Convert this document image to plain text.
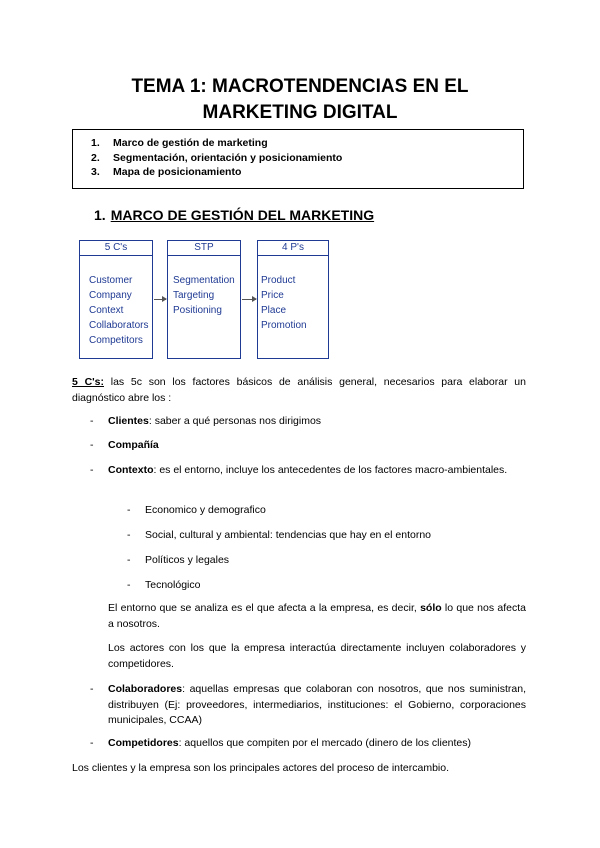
TEMA 1: MACROTENDENCIAS EN EL
MARKETING DIGITAL
1. Marco de gestión de marketing
2. Segmentación, orientación y posicionamiento
3. Mapa de posicionamiento
1. MARCO DE GESTIÓN DEL MARKETING
5 C's
Customer
Company
Context
Collaborators
Competitors
STP
Segmentation
Targeting
Positioning
4 P's
Product
Price
Place
Promotion
5 C's: las 5c son los factores básicos de análisis general, necesarios para elaborar un diagnóstico abre los :
- Clientes: saber a qué personas nos dirigimos
- Compañía
- Contexto: es el entorno, incluye los antecedentes de los factores macro-ambientales.
- Economico y demografico
- Social, cultural y ambiental: tendencias que hay en el entorno
- Políticos y legales
- Tecnológico
El entorno que se analiza es el que afecta a la empresa, es decir, sólo lo que nos afecta a nosotros.
Los actores con los que la empresa interactúa directamente incluyen colaboradores y competidores.
- Colaboradores: aquellas empresas que colaboran con nosotros, que nos suministran, distribuyen (Ej: proveedores, intermediarios, instituciones: el Gobierno, corporaciones municipales, CCAA)
- Competidores: aquellos que compiten por el mercado (dinero de los clientes)
Los clientes y la empresa son los principales actores del proceso de intercambio.
